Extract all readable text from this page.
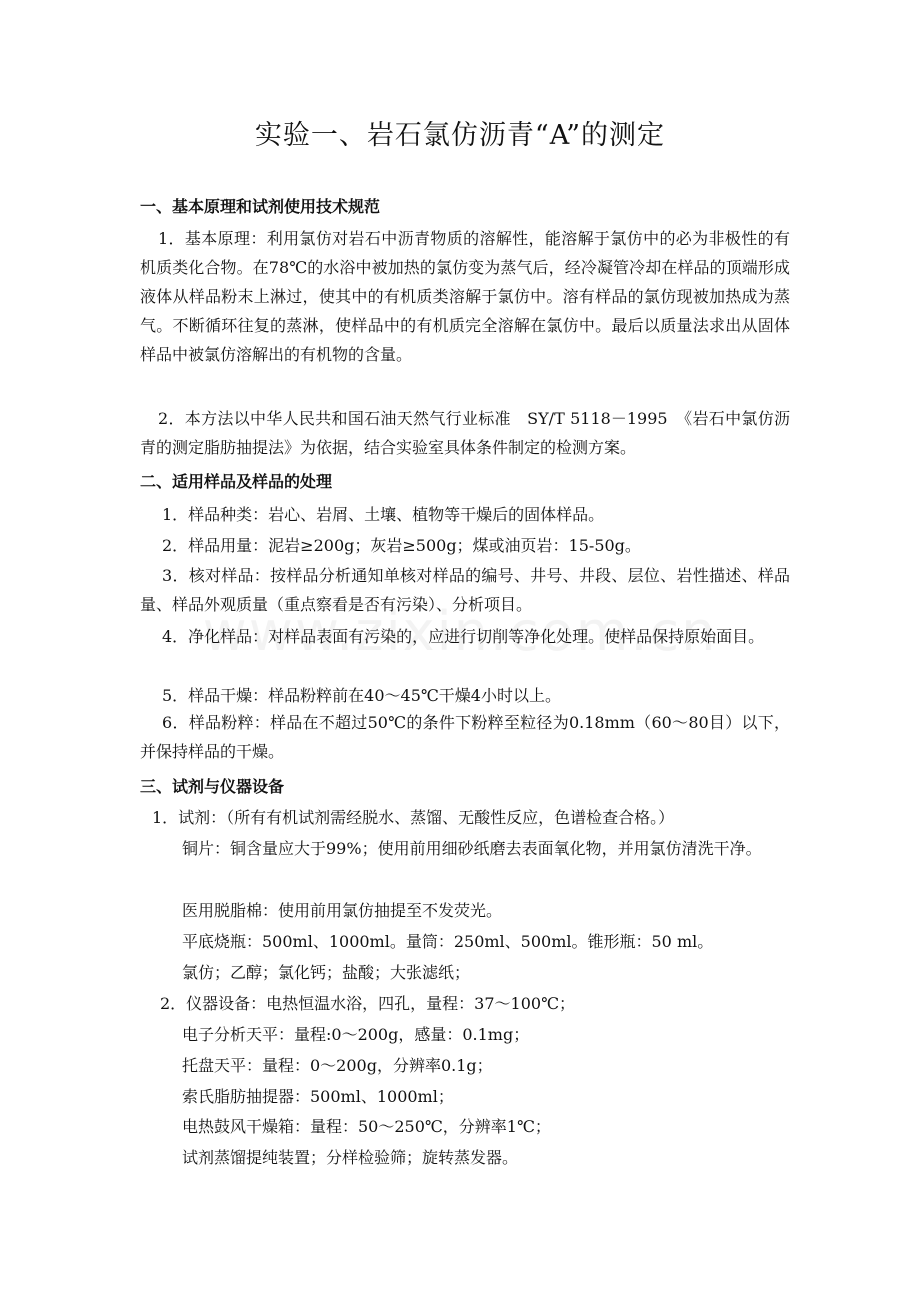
实验一、岩石氯仿沥青“A”的测定
一、基本原理和试剂使用技术规范

1．基本原理：利用氯仿对岩石中沥青物质的溶解性，能溶解于氯仿中的必为非极性的有机质类化合物。在78℃的水浴中被加热的氯仿变为蒸气后，经冷凝管冷却在样品的顶端形成液体从样品粉末上淋过，使其中的有机质类溶解于氯仿中。溶有样品的氯仿现被加热成为蒸气。不断循环往复的蒸淋，使样品中的有机质完全溶解在氯仿中。最后以质量法求出从固体样品中被氯仿溶解出的有机物的含量。

2．本方法以中华人民共和国石油天然气行业标准　SY/T 5118－1995　《岩石中氯仿沥青的测定脂肪抽提法》为依据，结合实验室具体条件制定的检测方案。

二、适用样品及样品的处理
1．样品种类：岩心、岩屑、土壤、植物等干燥后的固体样品。
2．样品用量：泥岩≥200g；灰岩≥500g；煤或油页岩：15-50g。

3．核对样品：按样品分析通知单核对样品的编号、井号、井段、层位、岩性描述、样品量、样品外观质量（重点察看是否有污染）、分析项目。

4．净化样品：对样品表面有污染的，应进行切削等净化处理。使样品保持原始面目。

5．样品干燥：样品粉粹前在40～45℃干燥4小时以上。

6．样品粉粹：样品在不超过50℃的条件下粉粹至粒径为0.18mm（60～80目）以下，并保持样品的干燥。

三、试剂与仪器设备
1．试剂：（所有有机试剂需经脱水、蒸馏、无酸性反应，色谱检查合格。）

铜片：铜含量应大于99%；使用前用细砂纸磨去表面氧化物，并用氯仿清洗干净。

医用脱脂棉：使用前用氯仿抽提至不发荧光。
平底烧瓶：500ml、1000ml。量筒：250ml、500ml。锥形瓶：50 ml。
氯仿；乙醇；氯化钙；盐酸；大张滤纸；
2．仪器设备：电热恒温水浴，四孔，量程：37～100℃；
电子分析天平：量程:0～200g，感量：0.1mg；
托盘天平：量程：0～200g，分辨率0.1g；
索氏脂肪抽提器：500ml、1000ml；
电热鼓风干燥箱：量程：50～250℃，分辨率1℃；
试剂蒸馏提纯装置；分样检验筛；旋转蒸发器。
